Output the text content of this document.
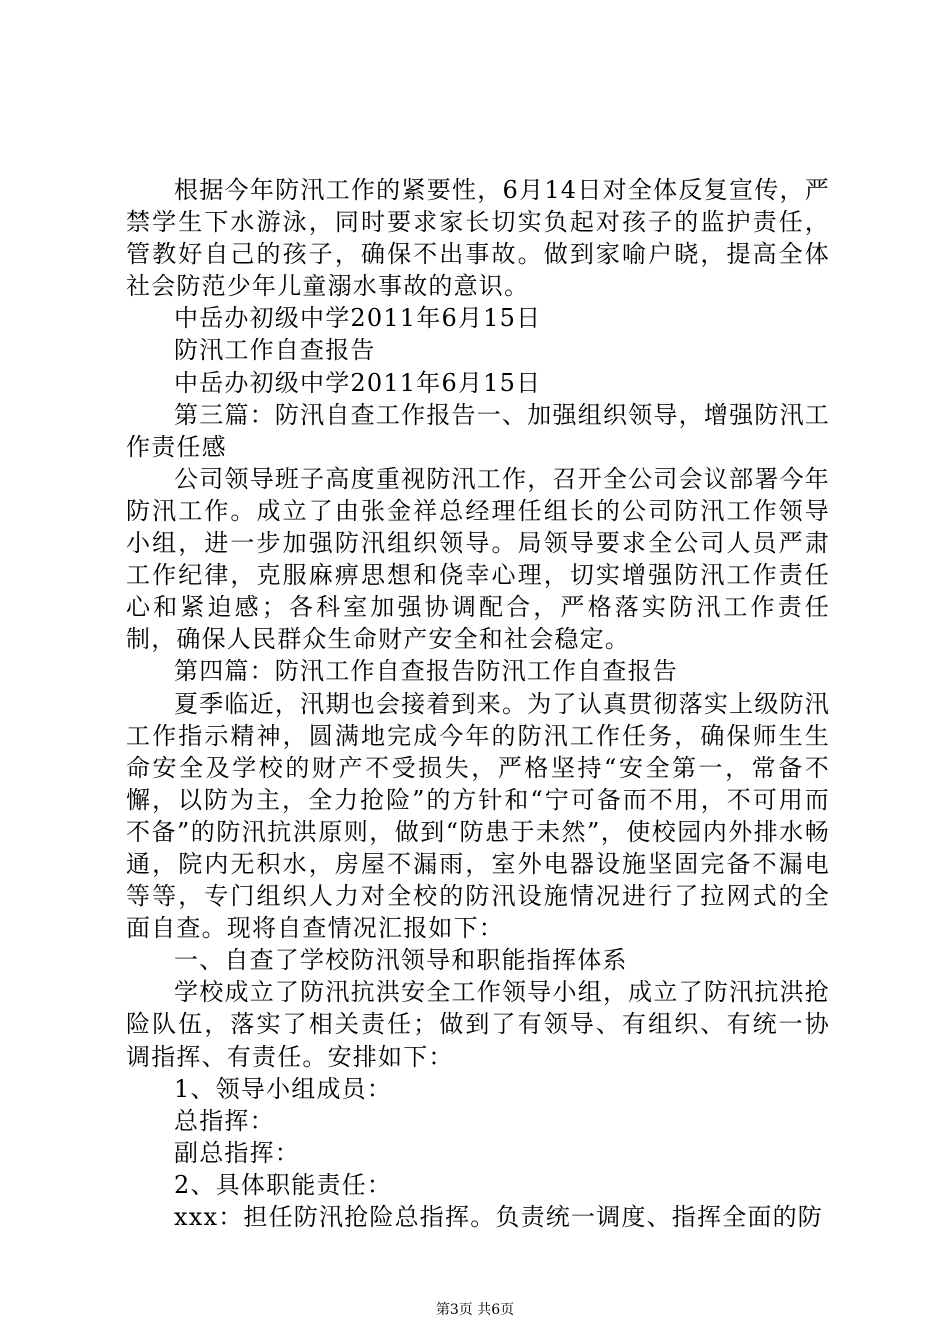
根据今年防汛工作的紧要性，6月14日对全体反复宣传，严禁学生下水游泳，同时要求家长切实负起对孩子的监护责任，管教好自己的孩子，确保不出事故。做到家喻户晓，提高全体社会防范少年儿童溺水事故的意识。

中岳办初级中学2011年6月15日

防汛工作自查报告

中岳办初级中学2011年6月15日

第三篇：防汛自查工作报告一、加强组织领导，增强防汛工作责任感

公司领导班子高度重视防汛工作，召开全公司会议部署今年防汛工作。成立了由张金祥总经理任组长的公司防汛工作领导小组，进一步加强防汛组织领导。局领导要求全公司人员严肃工作纪律，克服麻痹思想和侥幸心理，切实增强防汛工作责任心和紧迫感；各科室加强协调配合，严格落实防汛工作责任制，确保人民群众生命财产安全和社会稳定。

第四篇：防汛工作自查报告防汛工作自查报告

夏季临近，汛期也会接着到来。为了认真贯彻落实上级防汛工作指示精神，圆满地完成今年的防汛工作任务，确保师生生命安全及学校的财产不受损失，严格坚持“安全第一，常备不懈，以防为主，全力抢险”的方针和“宁可备而不用，不可用而不备”的防汛抗洪原则，做到“防患于未然”，使校园内外排水畅通，院内无积水，房屋不漏雨，室外电器设施坚固完备不漏电等等，专门组织人力对全校的防汛设施情况进行了拉网式的全面自查。现将自查情况汇报如下：

一、自查了学校防汛领导和职能指挥体系

学校成立了防汛抗洪安全工作领导小组，成立了防汛抗洪抢险队伍，落实了相关责任；做到了有领导、有组织、有统一协调指挥、有责任。安排如下：

1、领导小组成员：

总指挥：

副总指挥：

2、具体职能责任：

xxx：担任防汛抢险总指挥。负责统一调度、指挥全面的防

第3页 共6页
